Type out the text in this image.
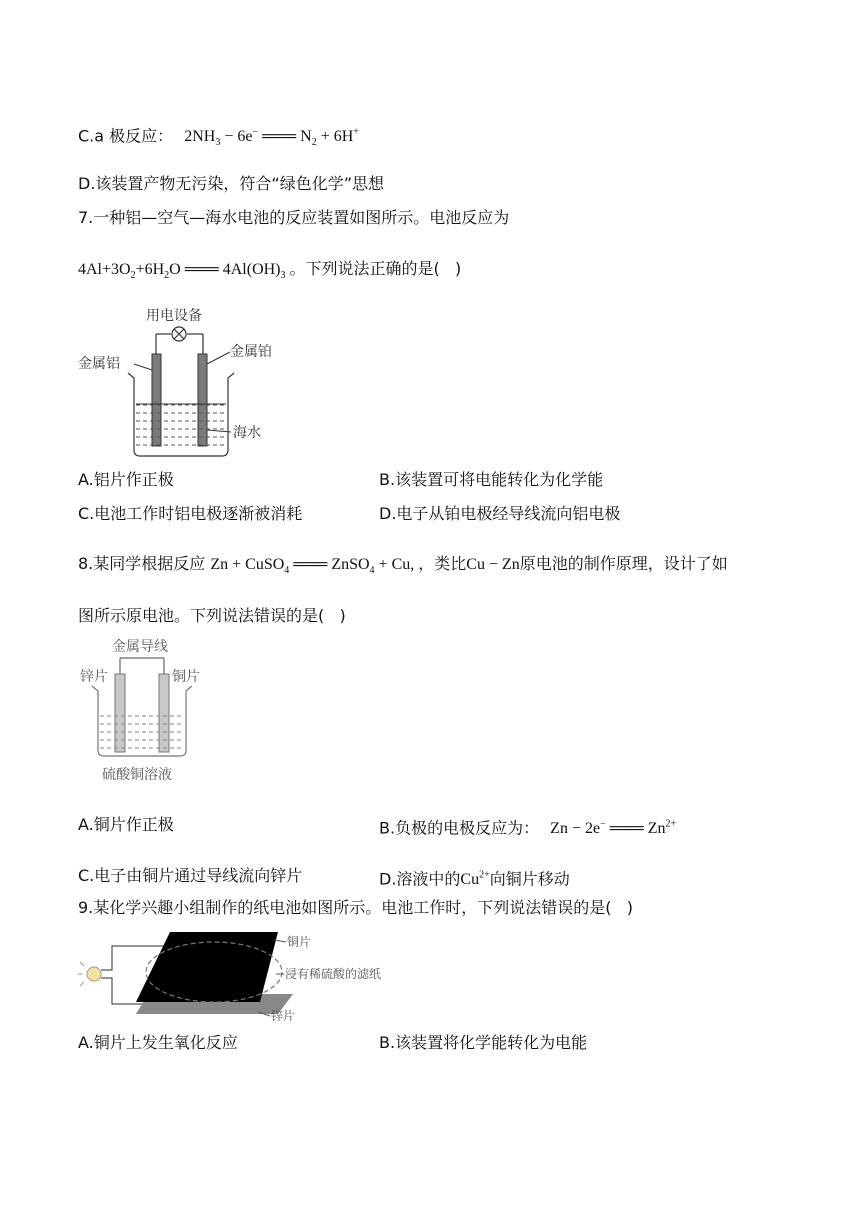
C.a 极反应： $2NH_3 - 6e^-$ ═══ $N_2 + 6H^+$
D.该装置产物无污染，符合“绿色化学”思想
7.一种铝—空气—海水电池的反应装置如图所示。电池反应为
$4Al+3O_2+6H_2O$ ═══ $4Al(OH)_3$ 。下列说法正确的是(   )
用电设备
金属铝
金属铂
海水
A.铝片作正极	B.该装置可将电能转化为化学能
C.电池工作时铝电极逐渐被消耗	D.电子从铂电极经导线流向铝电极
8.某同学根据反应 Zn + CuSO$_4$ ═══ ZnSO$_4$ + Cu, ，类比Cu − Zn原电池的制作原理，设计了如
图所示原电池。下列说法错误的是(   )
金属导线
锌片	铜片
硫酸铜溶液
A.铜片作正极	B.负极的电极反应为： Zn − 2e− ═══ $Zn^{2+}$
C.电子由铜片通过导线流向锌片	D.溶液中的$Cu^{2+}$向铜片移动
9.某化学兴趣小组制作的纸电池如图所示。电池工作时，下列说法错误的是(   )
铜片
浸有稀硫酸的滤纸
锌片
A.铜片上发生氧化反应	B.该装置将化学能转化为电能
